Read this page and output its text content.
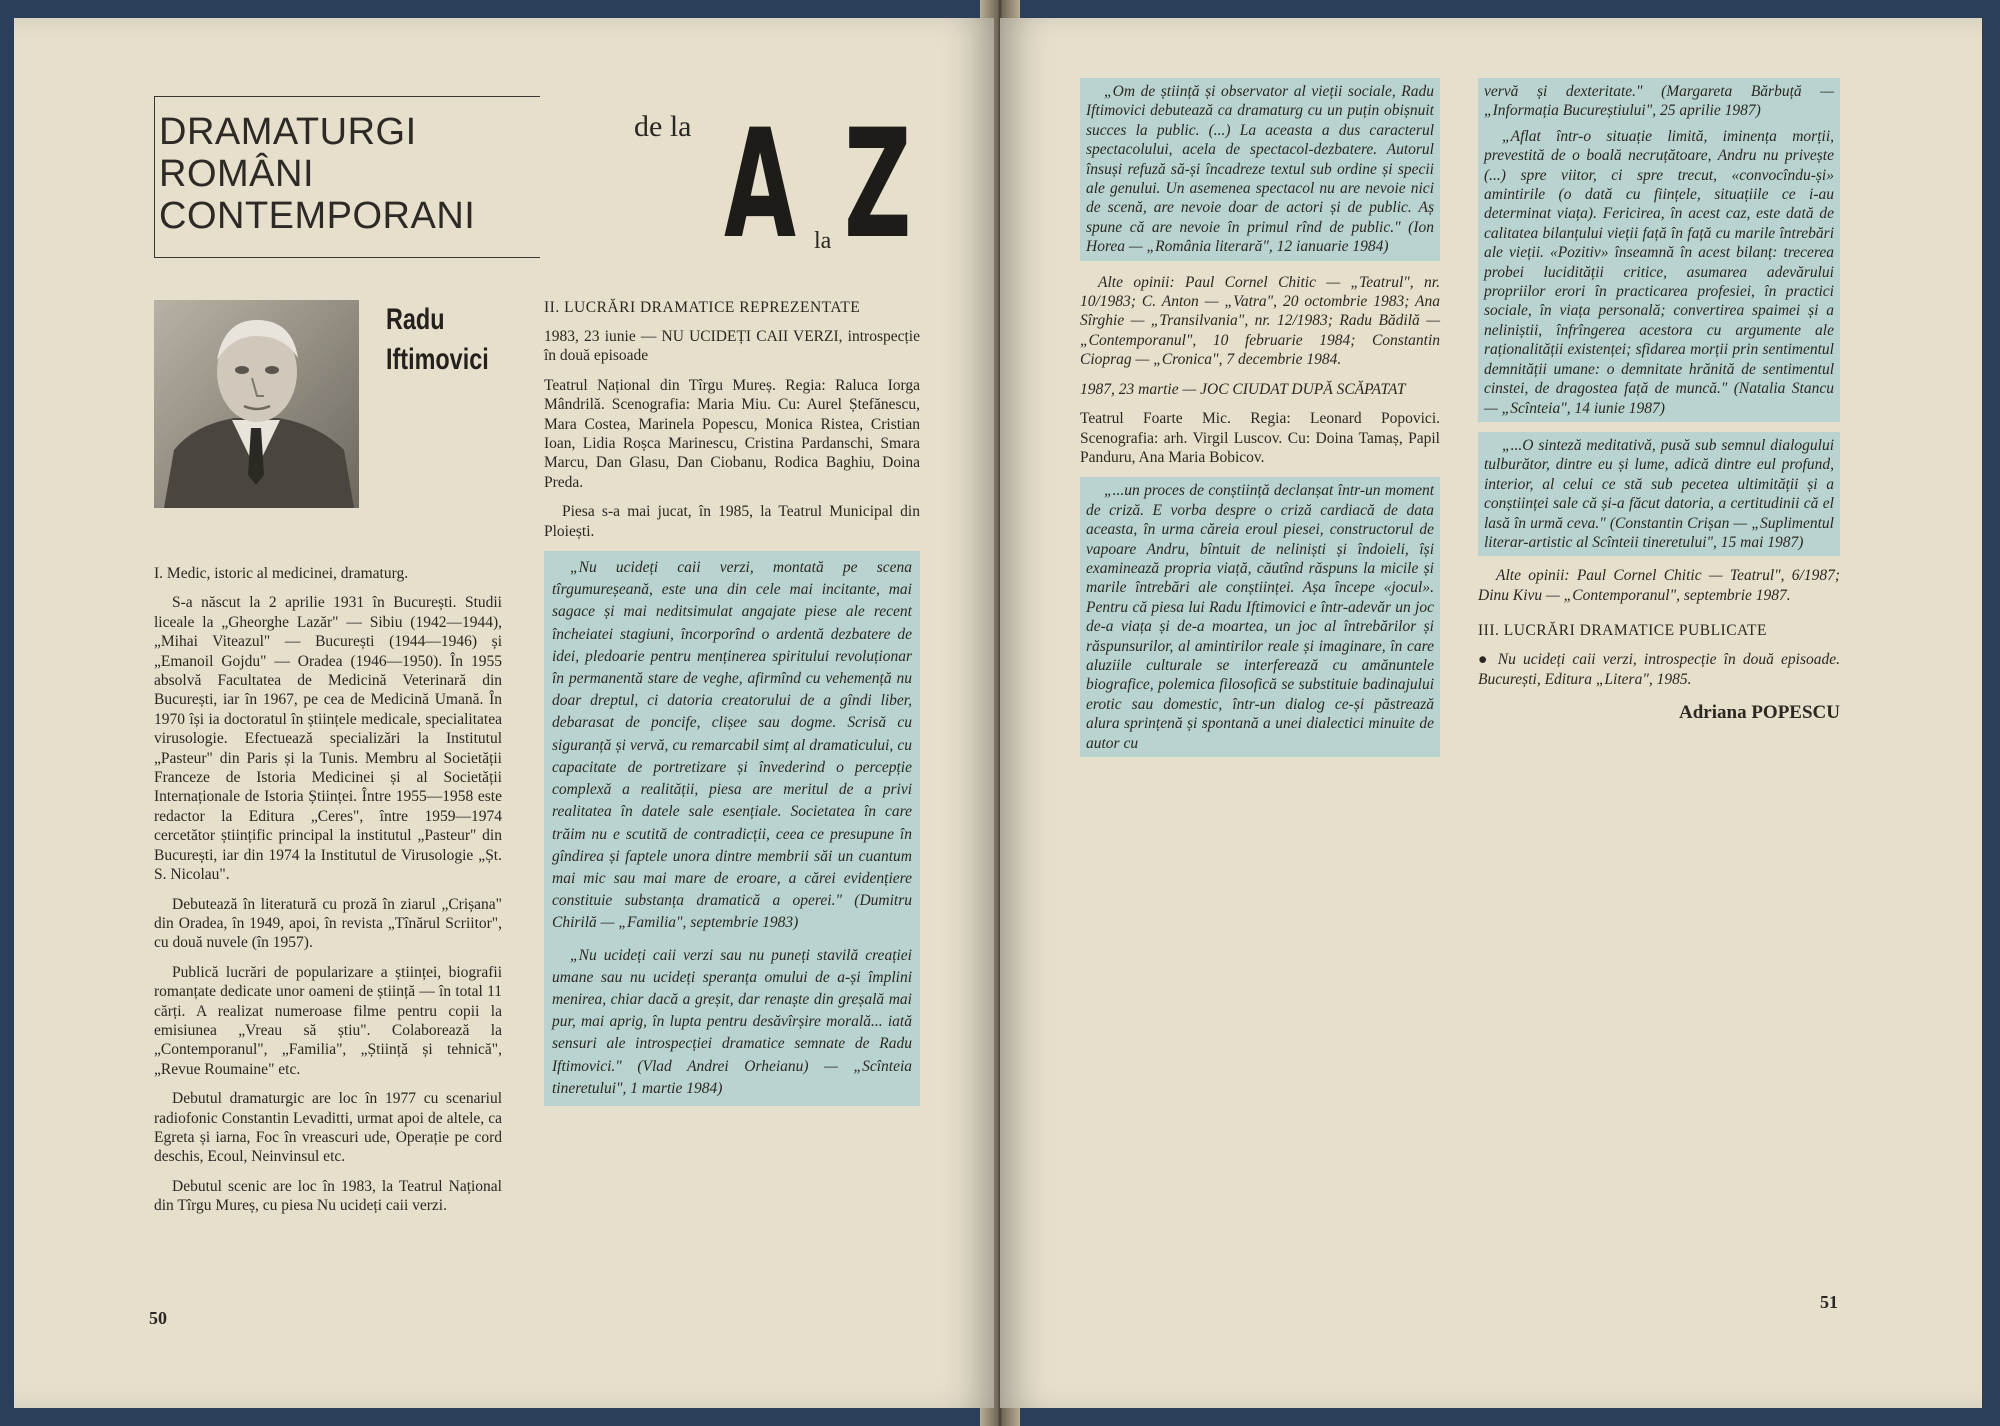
DRAMATURGI
ROMÂNI
CONTEMPORANI
de la A la Z
Radu
Iftimovici

I. Medic, istoric al medicinei, dramaturg.

S-a născut la 2 aprilie 1931 în București. Studii liceale la „Gheorghe Lazăr" — Sibiu (1942—1944), „Mihai Viteazul" — București (1944—1946) și „Emanoil Gojdu" — Oradea (1946—1950). În 1955 absolvă Facultatea de Medicină Veterinară din București, iar în 1967, pe cea de Medicină Umană. În 1970 își ia doctoratul în științele medicale, specialitatea virusologie. Efectuează specializări la Institutul „Pasteur" din Paris și la Tunis. Membru al Societății Franceze de Istoria Medicinei și al Societății Internaționale de Istoria Științei. Între 1955—1958 este redactor la Editura „Ceres", între 1959—1974 cercetător științific principal la institutul „Pasteur" din București, iar din 1974 la Institutul de Virusologie „Șt. S. Nicolau".

Debutează în literatură cu proză în ziarul „Crișana" din Oradea, în 1949, apoi, în revista „Tînărul Scriitor", cu două nuvele (în 1957).

Publică lucrări de popularizare a științei, biografii romanțate dedicate unor oameni de știință — în total 11 cărți. A realizat numeroase filme pentru copii la emisiunea „Vreau să știu". Colaborează la „Contemporanul", „Familia", „Știință și tehnică", „Revue Roumaine" etc.

Debutul dramaturgic are loc în 1977 cu scenariul radiofonic Constantin Levaditti, urmat apoi de altele, ca Egreta și iarna, Foc în vreascuri ude, Operație pe cord deschis, Ecoul, Neinvinsul etc.

Debutul scenic are loc în 1983, la Teatrul Național din Tîrgu Mureș, cu piesa Nu ucideți caii verzi.

II. LUCRĂRI DRAMATICE REPREZENTATE

1983, 23 iunie — NU UCIDEȚI CAII VERZI, introspecție în două episoade

Teatrul Național din Tîrgu Mureș. Regia: Raluca Iorga Mândrilă. Scenografia: Maria Miu. Cu: Aurel Ștefănescu, Mara Costea, Marinela Popescu, Monica Ristea, Cristian Ioan, Lidia Roșca Marinescu, Cristina Pardanschi, Smara Marcu, Dan Glasu, Dan Ciobanu, Rodica Baghiu, Doina Preda.

Piesa s-a mai jucat, în 1985, la Teatrul Municipal din Ploiești.

„Nu ucideți caii verzi, montată pe scena tîrgumureșeană, este una din cele mai incitante, mai sagace și mai neditsimulat angajate piese ale recent încheiatei stagiuni, încorporînd o ardentă dezbatere de idei, pledoarie pentru menținerea spiritului revoluționar în permanentă stare de veghe, afirmînd cu vehemență nu doar dreptul, ci datoria creatorului de a gîndi liber, debarasat de poncife, clișee sau dogme. Scrisă cu siguranță și vervă, cu remarcabil simț al dramaticului, cu capacitate de portretizare și învederind o percepție complexă a realității, piesa are meritul de a privi realitatea în datele sale esențiale. Societatea în care trăim nu e scutită de contradicții, ceea ce presupune în gîndirea și faptele unora dintre membrii săi un cuantum mai mic sau mai mare de eroare, a cărei evidențiere constituie substanța dramatică a operei." (Dumitru Chirilă — „Familia", septembrie 1983)

„Nu ucideți caii verzi sau nu puneți stavilă creației umane sau nu ucideți speranța omului de a-și împlini menirea, chiar dacă a greșit, dar renaște din greșală mai pur, mai aprig, în lupta pentru desăvîrșire morală... iată sensuri ale introspecției dramatice semnate de Radu Iftimovici." (Vlad Andrei Orheianu) — „Scînteia tineretului", 1 martie 1984)

50

„Om de știință și observator al vieții sociale, Radu Iftimovici debutează ca dramaturg cu un puțin obișnuit succes la public. (...) La aceasta a dus caracterul spectacolului, acela de spectacol-dezbatere. Autorul însuși refuză să-și încadreze textul sub ordine și specii ale genului. Un asemenea spectacol nu are nevoie nici de scenă, are nevoie doar de actori și de public. Aș spune că are nevoie în primul rînd de public." (Ion Horea — „România literară", 12 ianuarie 1984)

Alte opinii: Paul Cornel Chitic — „Teatrul", nr. 10/1983; C. Anton — „Vatra", 20 octombrie 1983; Ana Sîrghie — „Transilvania", nr. 12/1983; Radu Bădilă — „Contemporanul", 10 februarie 1984; Constantin Cioprag — „Cronica", 7 decembrie 1984.

1987, 23 martie — JOC CIUDAT DUPĂ SCĂPATAT

Teatrul Foarte Mic. Regia: Leonard Popovici. Scenografia: arh. Virgil Luscov. Cu: Doina Tamaș, Papil Panduru, Ana Maria Bobicov.

„...un proces de conștiință declanșat într-un moment de criză. E vorba despre o criză cardiacă de data aceasta, în urma căreia eroul piesei, constructorul de vapoare Andru, bîntuit de neliniști și îndoieli, își examinează propria viață, căutînd răspuns la micile și marile întrebări ale conștiinței. Așa începe «jocul». Pentru că piesa lui Radu Iftimovici e într-adevăr un joc de-a viața și de-a moartea, un joc al întrebărilor și răspunsurilor, al amintirilor reale și imaginare, în care aluziile culturale se interferează cu amănuntele biografice, polemica filosofică se substituie badinajului erotic sau domestic, într-un dialog ce-și păstrează alura sprințenă și spontană a unei dialectici minuite de autor cu

vervă și dexteritate." (Margareta Bărbuță — „Informația Bucureștiului", 25 aprilie 1987)

„Aflat într-o situație limită, iminența morții, prevestită de o boală necruțătoare, Andru nu privește (...) spre viitor, ci spre trecut, «convocîndu-și» amintirile (o dată cu ființele, situațiile ce i-au determinat viața). Fericirea, în acest caz, este dată de calitatea bilanțului vieții față în față cu marile întrebări ale vieții. «Pozitiv» înseamnă în acest bilanț: trecerea probei lucidității critice, asumarea adevărului propriilor erori în practicarea profesiei, în practici sociale, în viața personală; convertirea spaimei și a neliniștii, înfrîngerea acestora cu argumente ale raționalității existenței; sfidarea morții prin sentimentul demnității umane: o demnitate hrănită de sentimentul cinstei, de dragostea față de muncă." (Natalia Stancu — „Scînteia", 14 iunie 1987)

„...O sinteză meditativă, pusă sub semnul dialogului tulburător, dintre eu și lume, adică dintre eul profund, interior, al celui ce stă sub pecetea ultimității și a conștiinței sale că și-a făcut datoria, a certitudinii că el lasă în urmă ceva." (Constantin Crișan — „Suplimentul literar-artistic al Scînteii tineretului", 15 mai 1987)

Alte opinii: Paul Cornel Chitic — Teatrul", 6/1987; Dinu Kivu — „Contemporanul", septembrie 1987.

III. LUCRĂRI DRAMATICE PUBLICATE

● Nu ucideți caii verzi, introspecție în două episoade. București, Editura „Litera", 1985.

Adriana POPESCU

51
